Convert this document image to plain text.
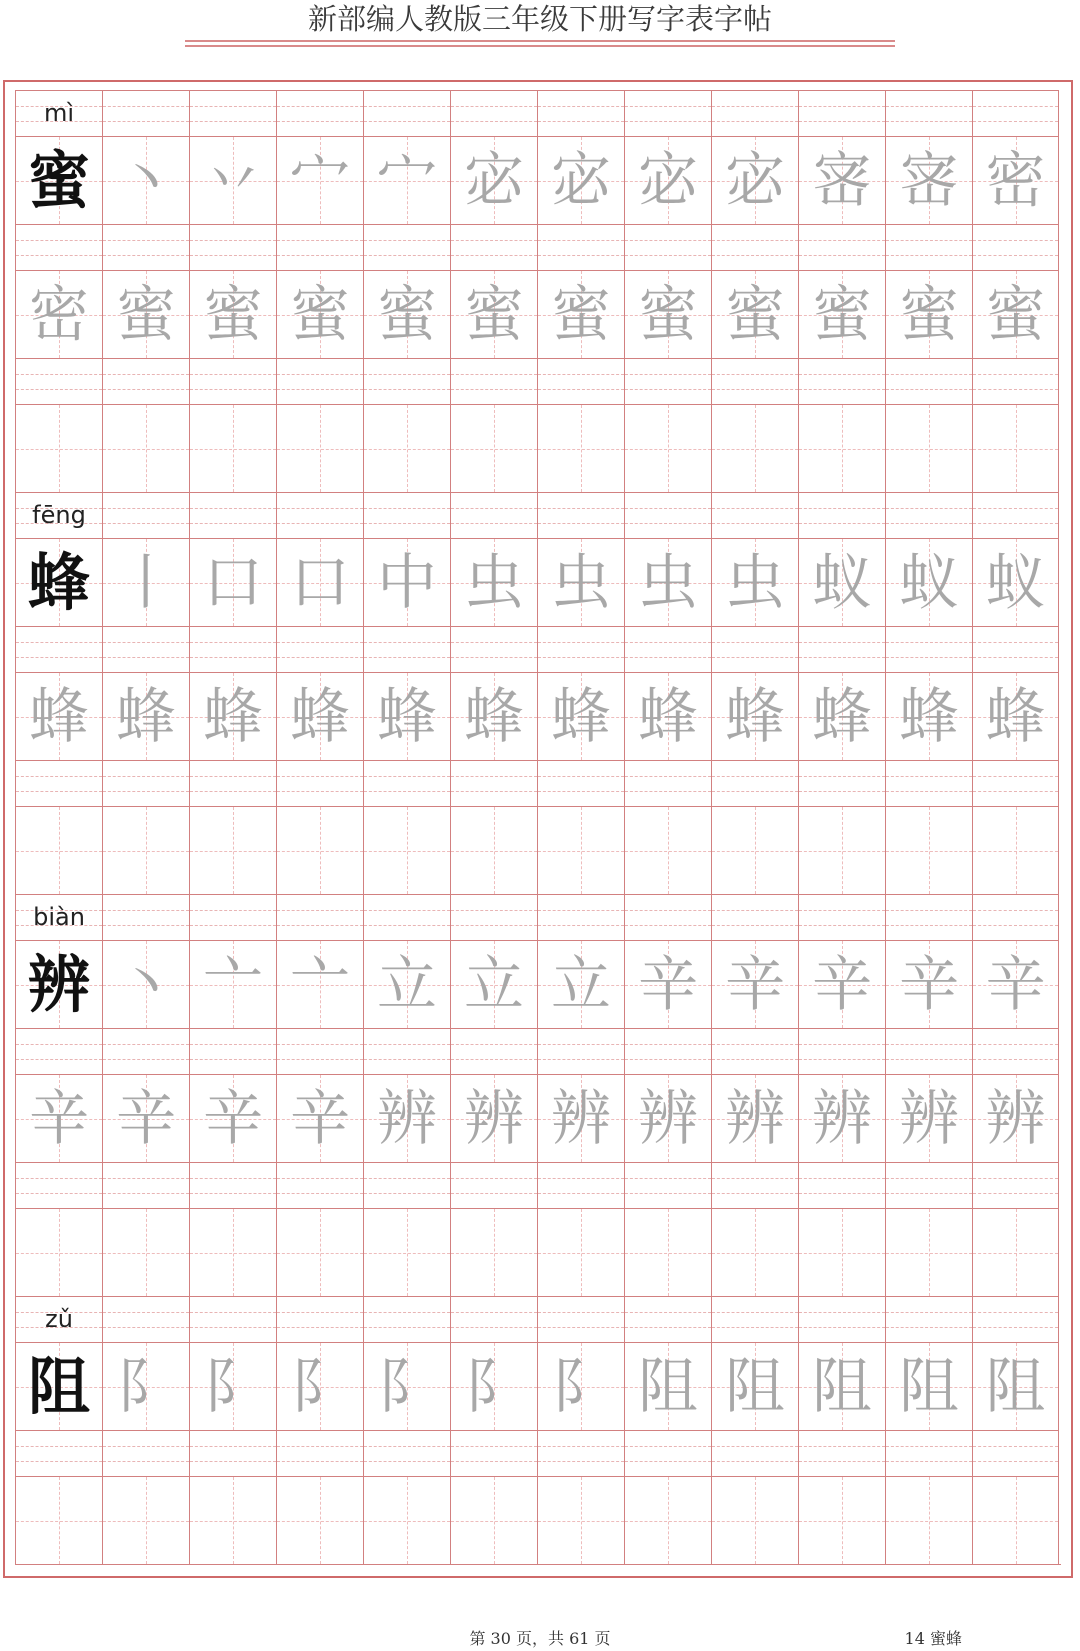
新部编人教版三年级下册写字表字帖
mì
蜜 丶 丷 宀 宀 宓 宓 宓 宓 宻 宻 密
密 蜜 蜜 蜜 蜜 蜜 蜜 蜜 蜜 蜜 蜜 蜜
fēng
蜂 丨 口 口 中 虫 虫 虫 虫 蚁 蚁 蚁
蜂 蜂 蜂 蜂 蜂 蜂 蜂 蜂 蜂 蜂 蜂 蜂
biàn
辨 丶 亠 亠 立 立 立 辛 辛 辛 辛 辛
辛 辛 辛 辛 辨 辨 辨 辨 辨 辨 辨 辨
zǔ
阻 阝 阝 阝 阝 阝 阝 阻 阻 阻 阻 阻
第 30 页，共 61 页	14 蜜蜂
